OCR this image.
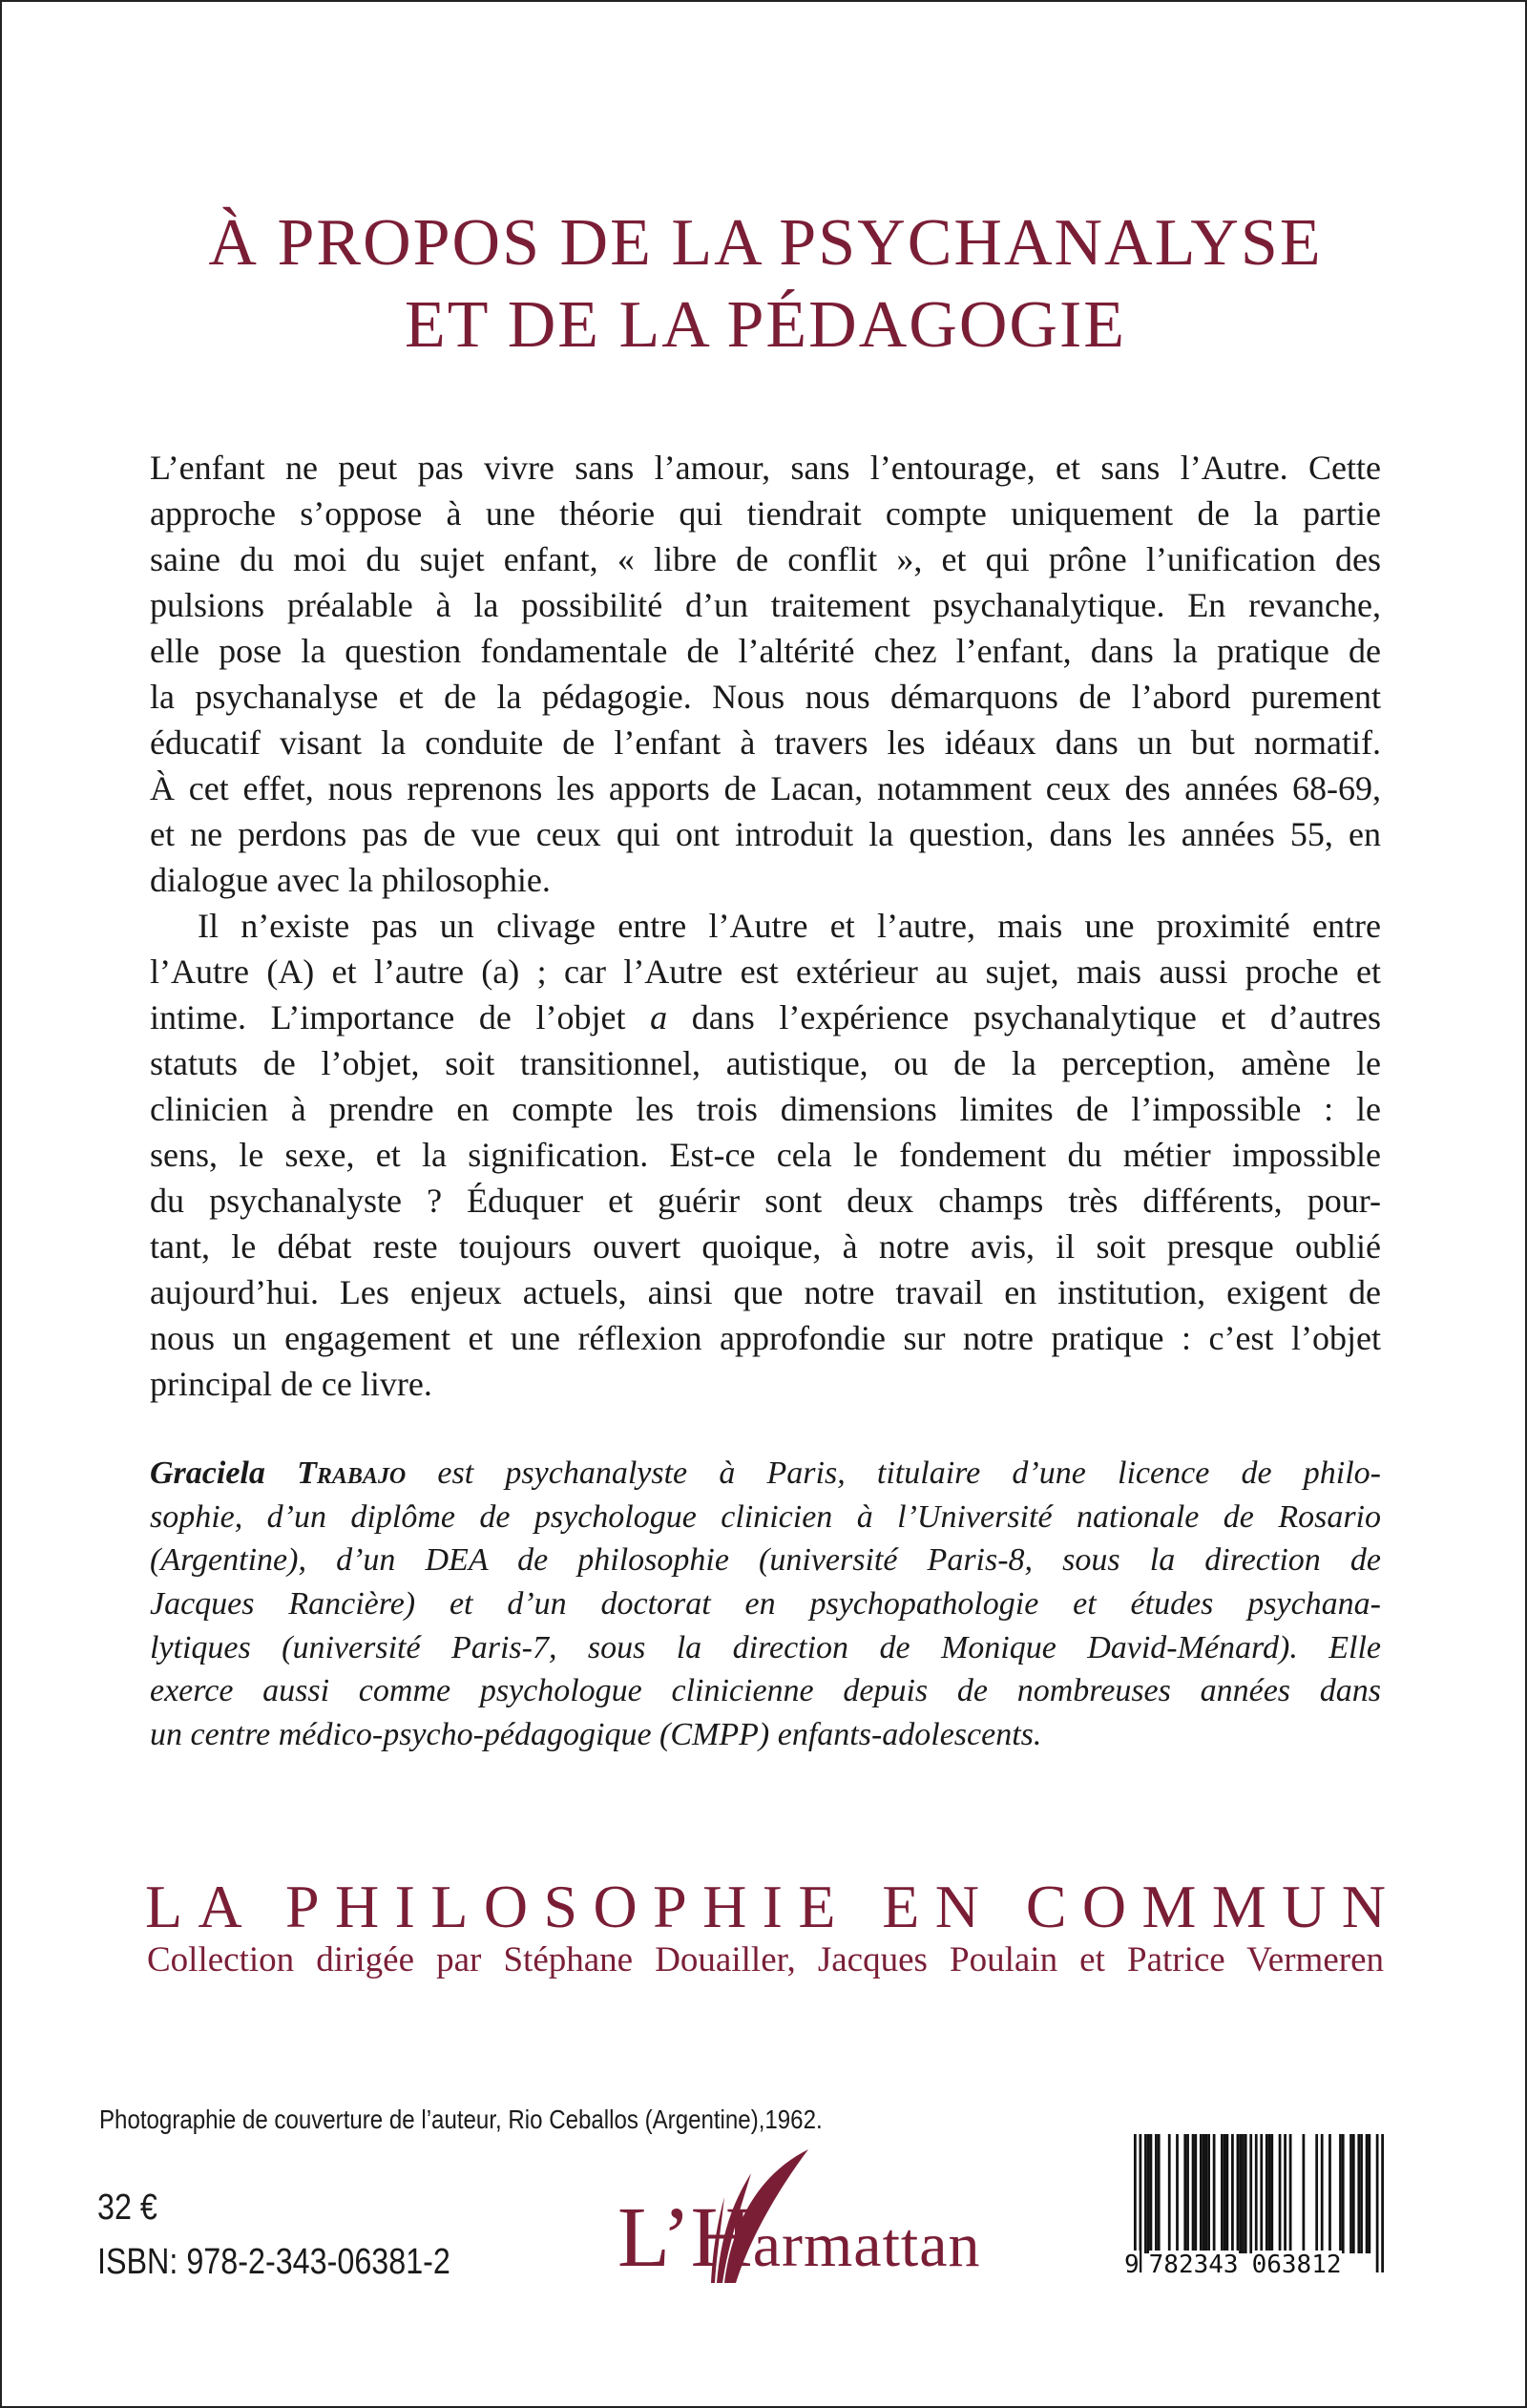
À PROPOS DE LA PSYCHANALYSE
ET DE LA PÉDAGOGIE
L’enfant ne peut pas vivre sans l’amour, sans l’entourage, et sans l’Autre. Cette
approche s’oppose à une théorie qui tiendrait compte uniquement de la partie
saine du moi du sujet enfant, « libre de conflit », et qui prône l’unification des
pulsions préalable à la possibilité d’un traitement psychanalytique. En revanche,
elle pose la question fondamentale de l’altérité chez l’enfant, dans la pratique de
la psychanalyse et de la pédagogie. Nous nous démarquons de l’abord purement
éducatif visant la conduite de l’enfant à travers les idéaux dans un but normatif.
À cet effet, nous reprenons les apports de Lacan, notamment ceux des années 68-69,
et ne perdons pas de vue ceux qui ont introduit la question, dans les années 55, en
dialogue avec la philosophie.
Il n’existe pas un clivage entre l’Autre et l’autre, mais une proximité entre
l’Autre (A) et l’autre (a) ; car l’Autre est extérieur au sujet, mais aussi proche et
intime. L’importance de l’objet a dans l’expérience psychanalytique et d’autres
statuts de l’objet, soit transitionnel, autistique, ou de la perception, amène le
clinicien à prendre en compte les trois dimensions limites de l’impossible : le
sens, le sexe, et la signification. Est-ce cela le fondement du métier impossible
du psychanalyste ? Éduquer et guérir sont deux champs très différents, pour-
tant, le débat reste toujours ouvert quoique, à notre avis, il soit presque oublié
aujourd’hui. Les enjeux actuels, ainsi que notre travail en institution, exigent de
nous un engagement et une réflexion approfondie sur notre pratique : c’est l’objet
principal de ce livre.
Graciela Trabajo est psychanalyste à Paris, titulaire d’une licence de philo-
sophie, d’un diplôme de psychologue clinicien à l’Université nationale de Rosario
(Argentine), d’un DEA de philosophie (université Paris-8, sous la direction de
Jacques Rancière) et d’un doctorat en psychopathologie et études psychana-
lytiques (université Paris-7, sous la direction de Monique David-Ménard). Elle
exerce aussi comme psychologue clinicienne depuis de nombreuses années dans
un centre médico-psycho-pédagogique (CMPP) enfants-adolescents.
LA PHILOSOPHIE EN COMMUN
Collection dirigée par Stéphane Douailler, Jacques Poulain et Patrice Vermeren
Photographie de couverture de l’auteur, Rio Ceballos (Argentine),1962.
32 €
ISBN: 978-2-343-06381-2 L’Harmattan	9 782343 063812
